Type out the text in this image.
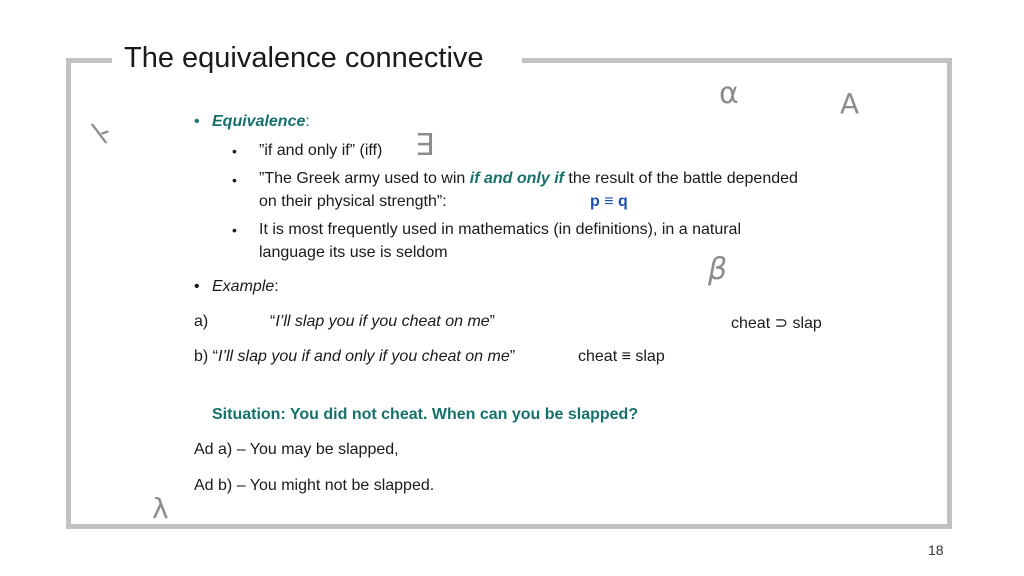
The equivalence connective
α	∀
∃
\-
β
λ
• Equivalence:
• ”if and only if” (iff)
• ”The Greek army used to win if and only if the result of the battle depended
on their physical strength”:	p ≡ q
• It is most frequently used in mathematics (in definitions), in a natural
language its use is seldom
• Example:
a)	“I’ll slap you if you cheat on me”	cheat ⊃ slap
b) “I’ll slap you if and only if you cheat on me”	cheat ≡ slap
Situation: You did not cheat. When can you be slapped?
Ad a) – You may be slapped,
Ad b) – You might not be slapped.
18
